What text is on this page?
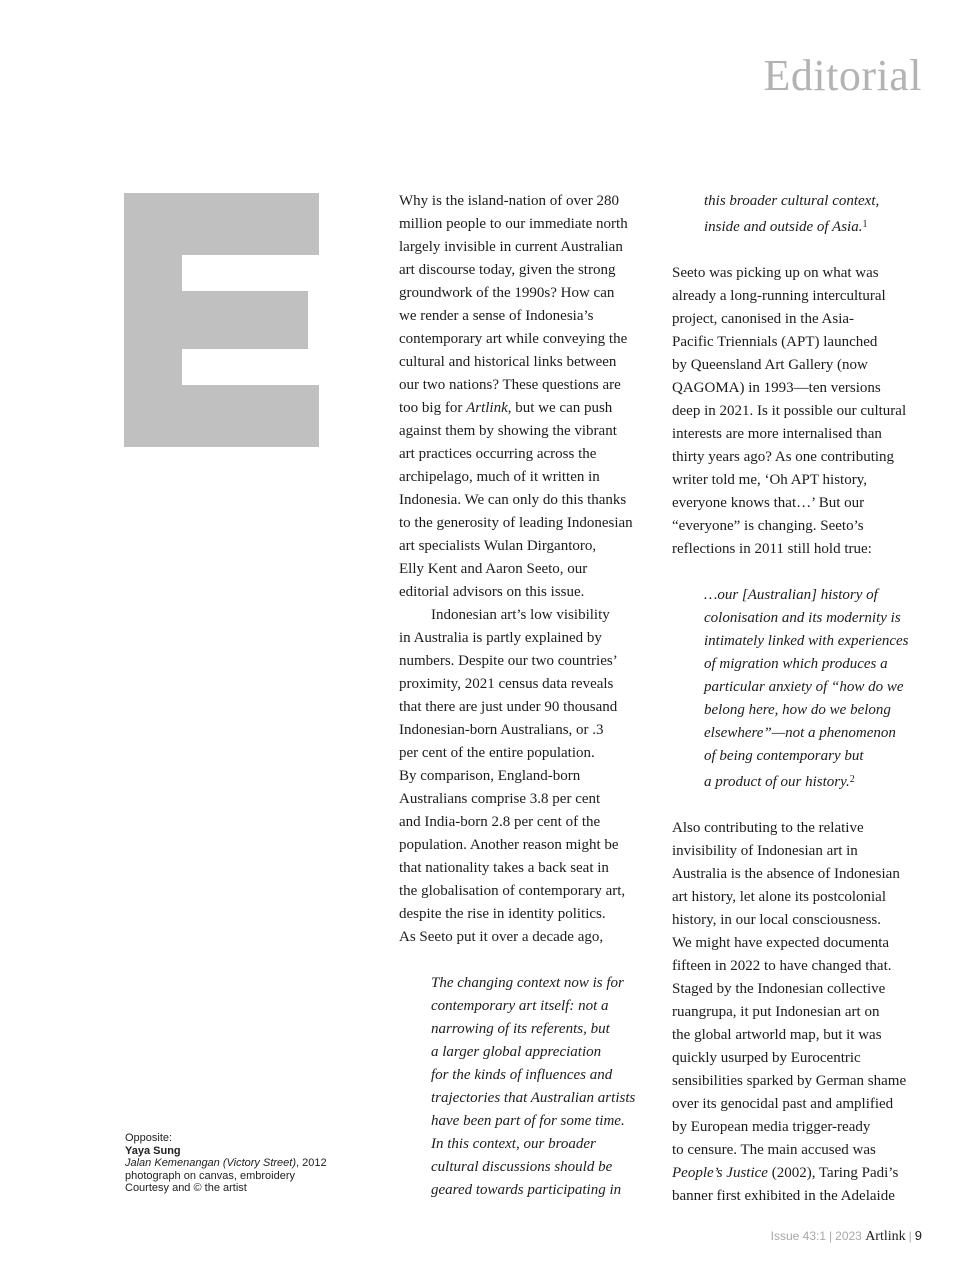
Editorial
Opposite:
Yaya Sung
Jalan Kemenangan (Victory Street), 2012
photograph on canvas, embroidery
Courtesy and © the artist

Why is the island-nation of over 280
million people to our immediate north
largely invisible in current Australian
art discourse today, given the strong
groundwork of the 1990s? How can
we render a sense of Indonesia’s
contemporary art while conveying the
cultural and historical links between
our two nations? These questions are
too big for Artlink, but we can push
against them by showing the vibrant
art practices occurring across the
archipelago, much of it written in
Indonesia. We can only do this thanks
to the generosity of leading Indonesian
art specialists Wulan Dirgantoro,
Elly Kent and Aaron Seeto, our
editorial advisors on this issue.

Indonesian art’s low visibility
in Australia is partly explained by
numbers. Despite our two countries’
proximity, 2021 census data reveals
that there are just under 90 thousand
Indonesian-born Australians, or .3
per cent of the entire population.
By comparison, England-born
Australians comprise 3.8 per cent
and India-born 2.8 per cent of the
population. Another reason might be
that nationality takes a back seat in
the globalisation of contemporary art,
despite the rise in identity politics.
As Seeto put it over a decade ago,

The changing context now is for
contemporary art itself: not a
narrowing of its referents, but
a larger global appreciation
for the kinds of influences and
trajectories that Australian artists
have been part of for some time.
In this context, our broader
cultural discussions should be
geared towards participating in

this broader cultural context,
inside and outside of Asia.$^1$

Seeto was picking up on what was
already a long-running intercultural
project, canonised in the Asia-
Pacific Triennials (APT) launched
by Queensland Art Gallery (now
QAGOMA) in 1993—ten versions
deep in 2021. Is it possible our cultural
interests are more internalised than
thirty years ago? As one contributing
writer told me, ‘Oh APT history,
everyone knows that…’ But our
“everyone” is changing. Seeto’s
reflections in 2011 still hold true:

…our [Australian] history of
colonisation and its modernity is
intimately linked with experiences
of migration which produces a
particular anxiety of “how do we
belong here, how do we belong
elsewhere”—not a phenomenon
of being contemporary but
a product of our history.$^2$

Also contributing to the relative
invisibility of Indonesian art in
Australia is the absence of Indonesian
art history, let alone its postcolonial
history, in our local consciousness.
We might have expected documenta
fifteen in 2022 to have changed that.
Staged by the Indonesian collective
ruangrupa, it put Indonesian art on
the global artworld map, but it was
quickly usurped by Eurocentric
sensibilities sparked by German shame
over its genocidal past and amplified
by European media trigger-ready
to censure. The main accused was
People’s Justice (2002), Taring Padi’s
banner first exhibited in the Adelaide

Issue 43:1 | 2023 Artlink | 9
